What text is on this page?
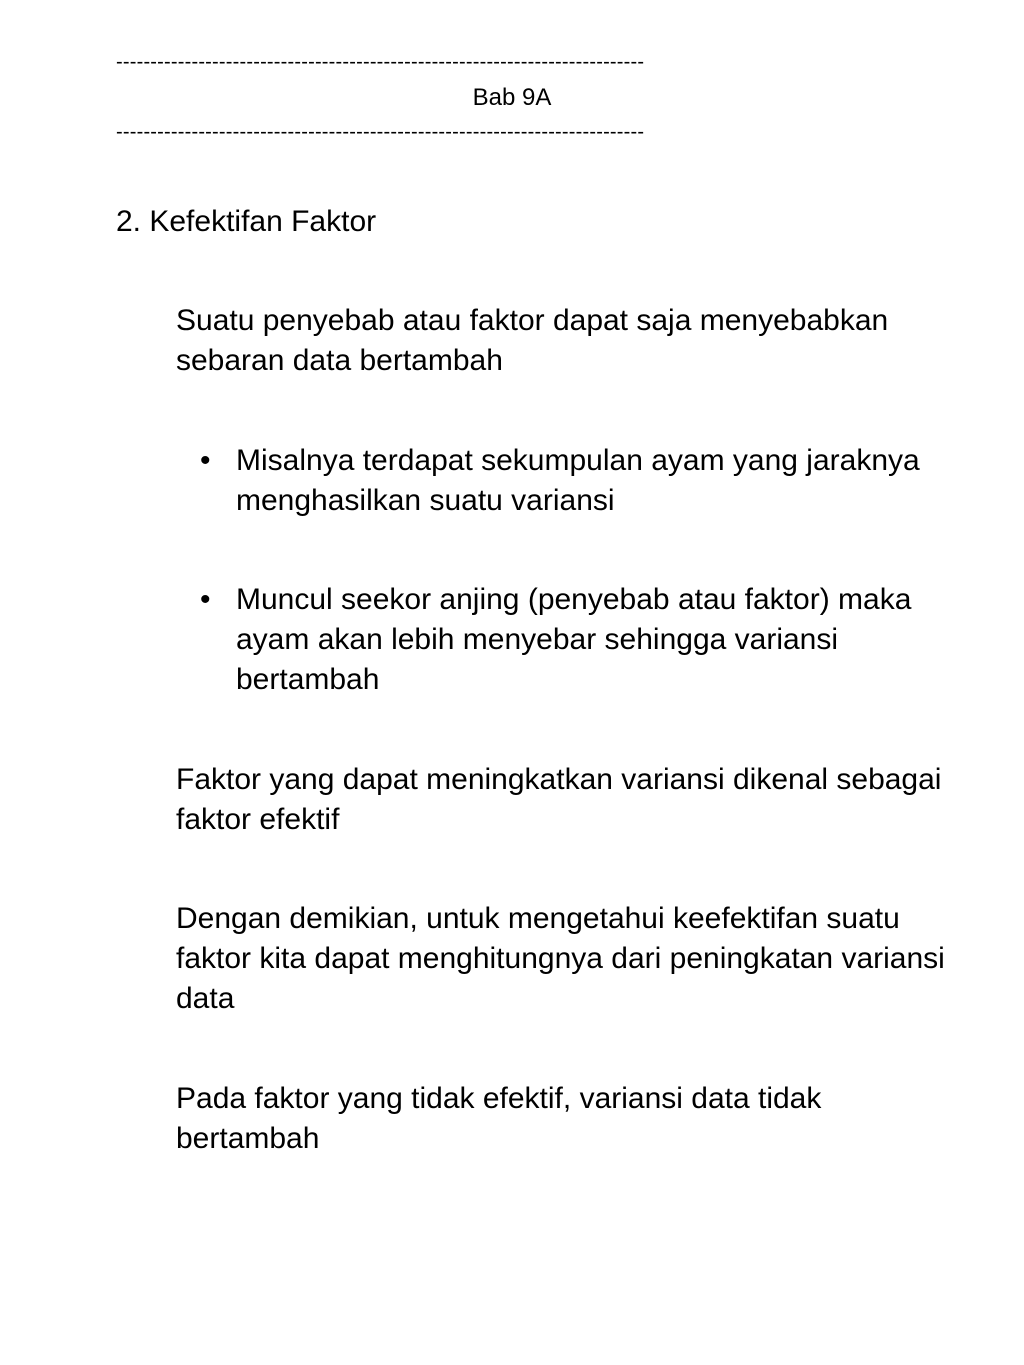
-----------------------------------------------------------------------------
Bab 9A
-----------------------------------------------------------------------------
2. Kefektifan Faktor

Suatu penyebab atau faktor dapat saja menyebabkan sebaran data bertambah

• Misalnya terdapat sekumpulan ayam yang jaraknya menghasilkan suatu variansi
• Muncul seekor anjing (penyebab atau faktor) maka ayam akan lebih menyebar sehingga variansi bertambah

Faktor yang dapat meningkatkan variansi dikenal sebagai faktor efektif

Dengan demikian, untuk mengetahui keefektifan suatu faktor kita dapat menghitungnya dari peningkatan variansi data

Pada faktor yang tidak efektif, variansi data tidak bertambah
